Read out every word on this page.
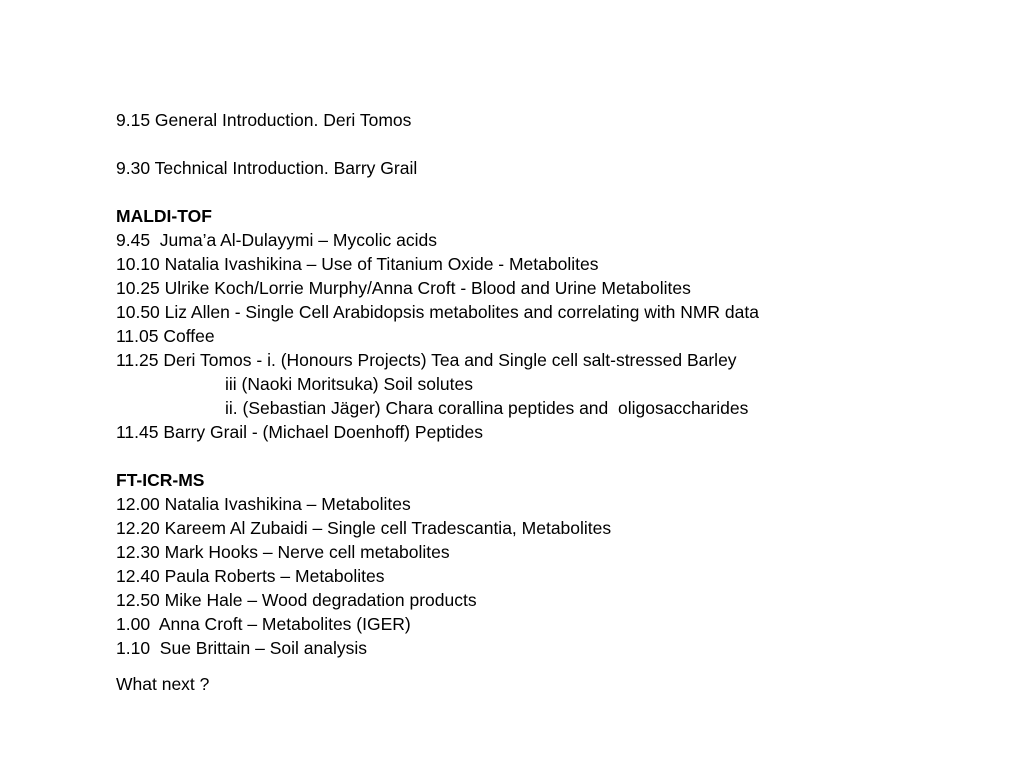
9.15 General Introduction. Deri Tomos
9.30 Technical Introduction. Barry Grail
MALDI-TOF
9.45  Juma’a Al-Dulayymi – Mycolic acids
10.10 Natalia Ivashikina – Use of Titanium Oxide - Metabolites
10.25 Ulrike Koch/Lorrie Murphy/Anna Croft - Blood and Urine Metabolites
10.50 Liz Allen - Single Cell Arabidopsis metabolites and correlating with NMR data
11.05 Coffee
11.25 Deri Tomos - i. (Honours Projects) Tea and Single cell salt-stressed Barley
iii (Naoki Moritsuka) Soil solutes
ii. (Sebastian Jäger) Chara corallina peptides and  oligosaccharides
11.45 Barry Grail - (Michael Doenhoff) Peptides
FT-ICR-MS
12.00 Natalia Ivashikina – Metabolites
12.20 Kareem Al Zubaidi – Single cell Tradescantia, Metabolites
12.30 Mark Hooks – Nerve cell metabolites
12.40 Paula Roberts – Metabolites
12.50 Mike Hale – Wood degradation products
1.00  Anna Croft – Metabolites (IGER)
1.10  Sue Brittain – Soil analysis
What next ?
